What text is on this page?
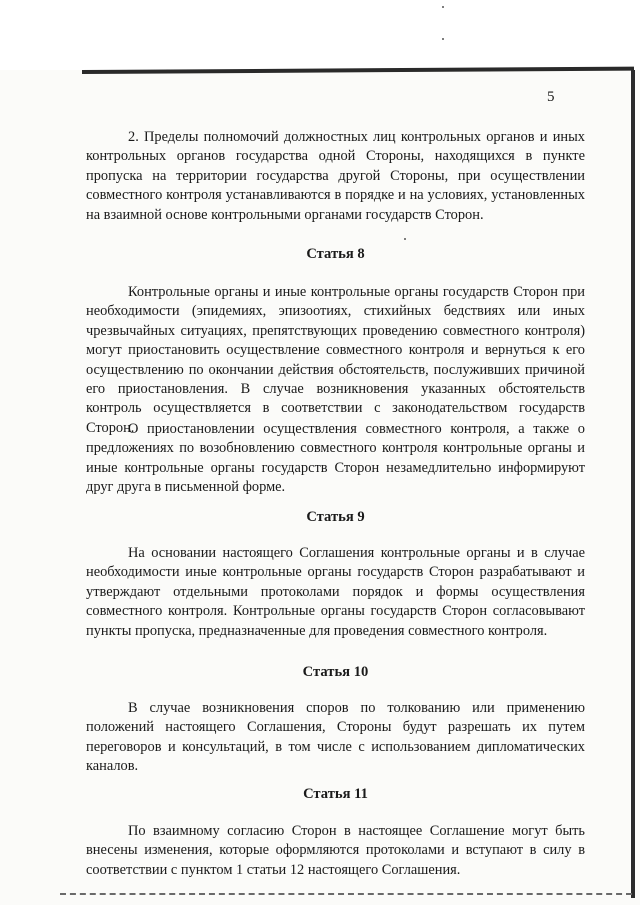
5
2. Пределы полномочий должностных лиц контрольных органов и иных контрольных органов государства одной Стороны, находящихся в пункте пропуска на территории государства другой Стороны, при осуществлении совместного контроля устанавливаются в порядке и на условиях, установленных на взаимной основе контрольными органами государств Сторон.
Статья 8
Контрольные органы и иные контрольные органы государств Сторон при необходимости (эпидемиях, эпизоотиях, стихийных бедствиях или иных чрезвычайных ситуациях, препятствующих проведению совместного контроля) могут приостановить осуществление совместного контроля и вернуться к его осуществлению по окончании действия обстоятельств, послуживших причиной его приостановления. В случае возникновения указанных обстоятельств контроль осуществляется в соответствии с законодательством государств Сторон.
О приостановлении осуществления совместного контроля, а также о предложениях по возобновлению совместного контроля контрольные органы и иные контрольные органы государств Сторон незамедлительно информируют друг друга в письменной форме.
Статья 9
На основании настоящего Соглашения контрольные органы и в случае необходимости иные контрольные органы государств Сторон разрабатывают и утверждают отдельными протоколами порядок и формы осуществления совместного контроля. Контрольные органы государств Сторон согласовывают пункты пропуска, предназначенные для проведения совместного контроля.
Статья 10
В случае возникновения споров по толкованию или применению положений настоящего Соглашения, Стороны будут разрешать их путем переговоров и консультаций, в том числе с использованием дипломатических каналов.
Статья 11
По взаимному согласию Сторон в настоящее Соглашение могут быть внесены изменения, которые оформляются протоколами и вступают в силу в соответствии с пунктом 1 статьи 12 настоящего Соглашения.
